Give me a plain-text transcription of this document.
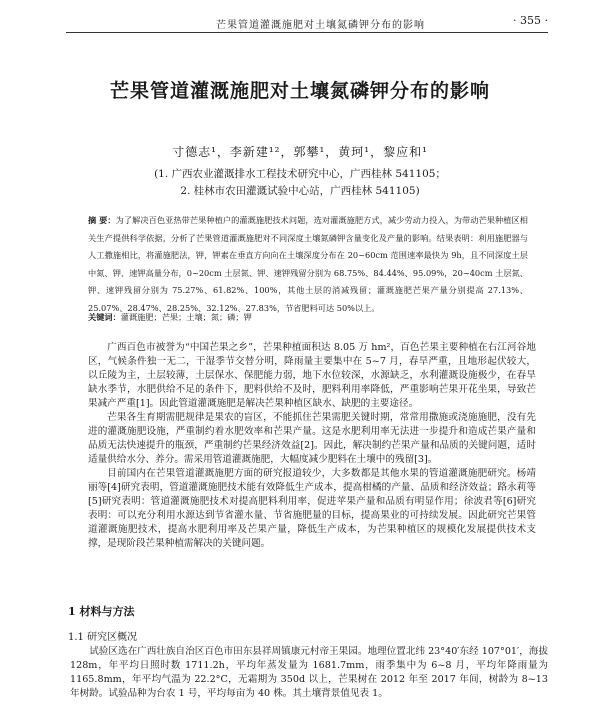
芒果管道灌溉施肥对土壤氮磷钾分布的影响	· 355 ·
芒果管道灌溉施肥对土壤氮磷钾分布的影响
寸德志¹，李新建¹²，郭攀¹，黄珂¹，黎应和¹
(1. 广西农业灌溉排水工程技术研究中心，广西桂林 541105；
2. 桂林市农田灌溉试验中心站，广西桂林 541105)
摘 要：为了解决百色亚热带芒果种植户的灌溉施肥技术问题，选对灌溉施肥方式，减少劳动力投入，为带动芒果种植区相关生产提供科学依据，分析了芒果管道灌溉施肥对不同深度土壤氮磷钾含量变化及产量的影响。结果表明：利用施肥器与人工撒施相比，将灌施肥法，钾，钾素在垂直方向向在土壤深度分布在 20~60cm 范围速率最快为 9h，且不同深度土层中氮、钾、速钾高量分布，0~20cm 土层氮、钾、速钾残留分别为 68.75%、84.44%、95.09%，20~40cm 土层氮、钾、速钾残留分别为 75.27%、61.82%、100%，其他土层的消减残留；灌溉施肥芒果产量分别提高 27.13%、25.07%、28.47%、28.25%、32.12%、27.83%，节省肥料可达 50%以上。
关键词：灌溉施肥；芒果；土壤；氮；磷；钾

广西百色市被誉为“中国芒果之乡”，芒果种植面积达 8.05 万 hm²，百色芒果主要种植在右江河谷地区，气候条件独一无二，干湿季节交替分明，降雨量主要集中在 5~7 月，春旱严重，且地形起伏较大，以丘陵为主，土层较薄，土层保水、保肥能力弱，地下水位较深，水源缺乏，水利灌溉设施极少，在春旱缺水季节，水肥供给不足的条件下，肥料供给不及时，肥料利用率降低，严重影响芒果开花坐果，导致芒果减产严重[1]。因此管道灌溉施肥是解决芒果种植区缺水、缺肥的主要途径。

芒果各生育期需肥规律是果农的盲区，不能抓住芒果需肥关键时期，常常用撒施或浇施施肥，没有先进的灌溉施肥设施，严重制约着水肥效率和芒果产量。这是水肥利用率无法进一步提升和造成芒果产量和品质无法快速提升的瓶颈，严重制约芒果经济效益[2]。因此，解决制约芒果产量和品质的关键问题，适时适量供给水分、养分。需采用管道灌溉施肥，大幅度减少肥料在土壤中的残留[3]。

目前国内在芒果管道灌溉施肥方面的研究报道较少，大多数都是其他水果的管道灌溉施肥研究。杨靖丽等[4]研究表明，管道灌溉施肥技术能有效降低生产成本，提高柑橘的产量、品质和经济效益；路永莉等[5]研究表明：管道灌溉施肥技术对提高肥料利用率，促进苹果产量和品质有明显作用；徐波君等[6]研究表明：可以充分利用水源达到节省灌水量、节省施肥量的目标，提高果业的可持续发展。因此研究芒果管道灌溉施肥技术，提高水肥利用率及芒果产量，降低生产成本，为芒果种植区的规模化发展提供技术支撑，是现阶段芒果种植需解决的关键问题。

1 材料与方法
1.1 研究区概况

试验区选在广西壮族自治区百色市田东县祥周镇康元村帝王果园。地理位置北纬 23°40′东经 107°01′，海拔 128m，年平均日照时数 1711.2h，平均年蒸发量为 1681.7mm，雨季集中为 6~8 月，平均年降雨量为 1165.8mm，年平均气温为 22.2°C，无霜期为 350d 以上，芒果树在 2012 年至 2017 年间，树龄为 8~13 年树龄。试验品种为台农 1 号，平均每亩为 40 株。其土壤背景值见表 1。
